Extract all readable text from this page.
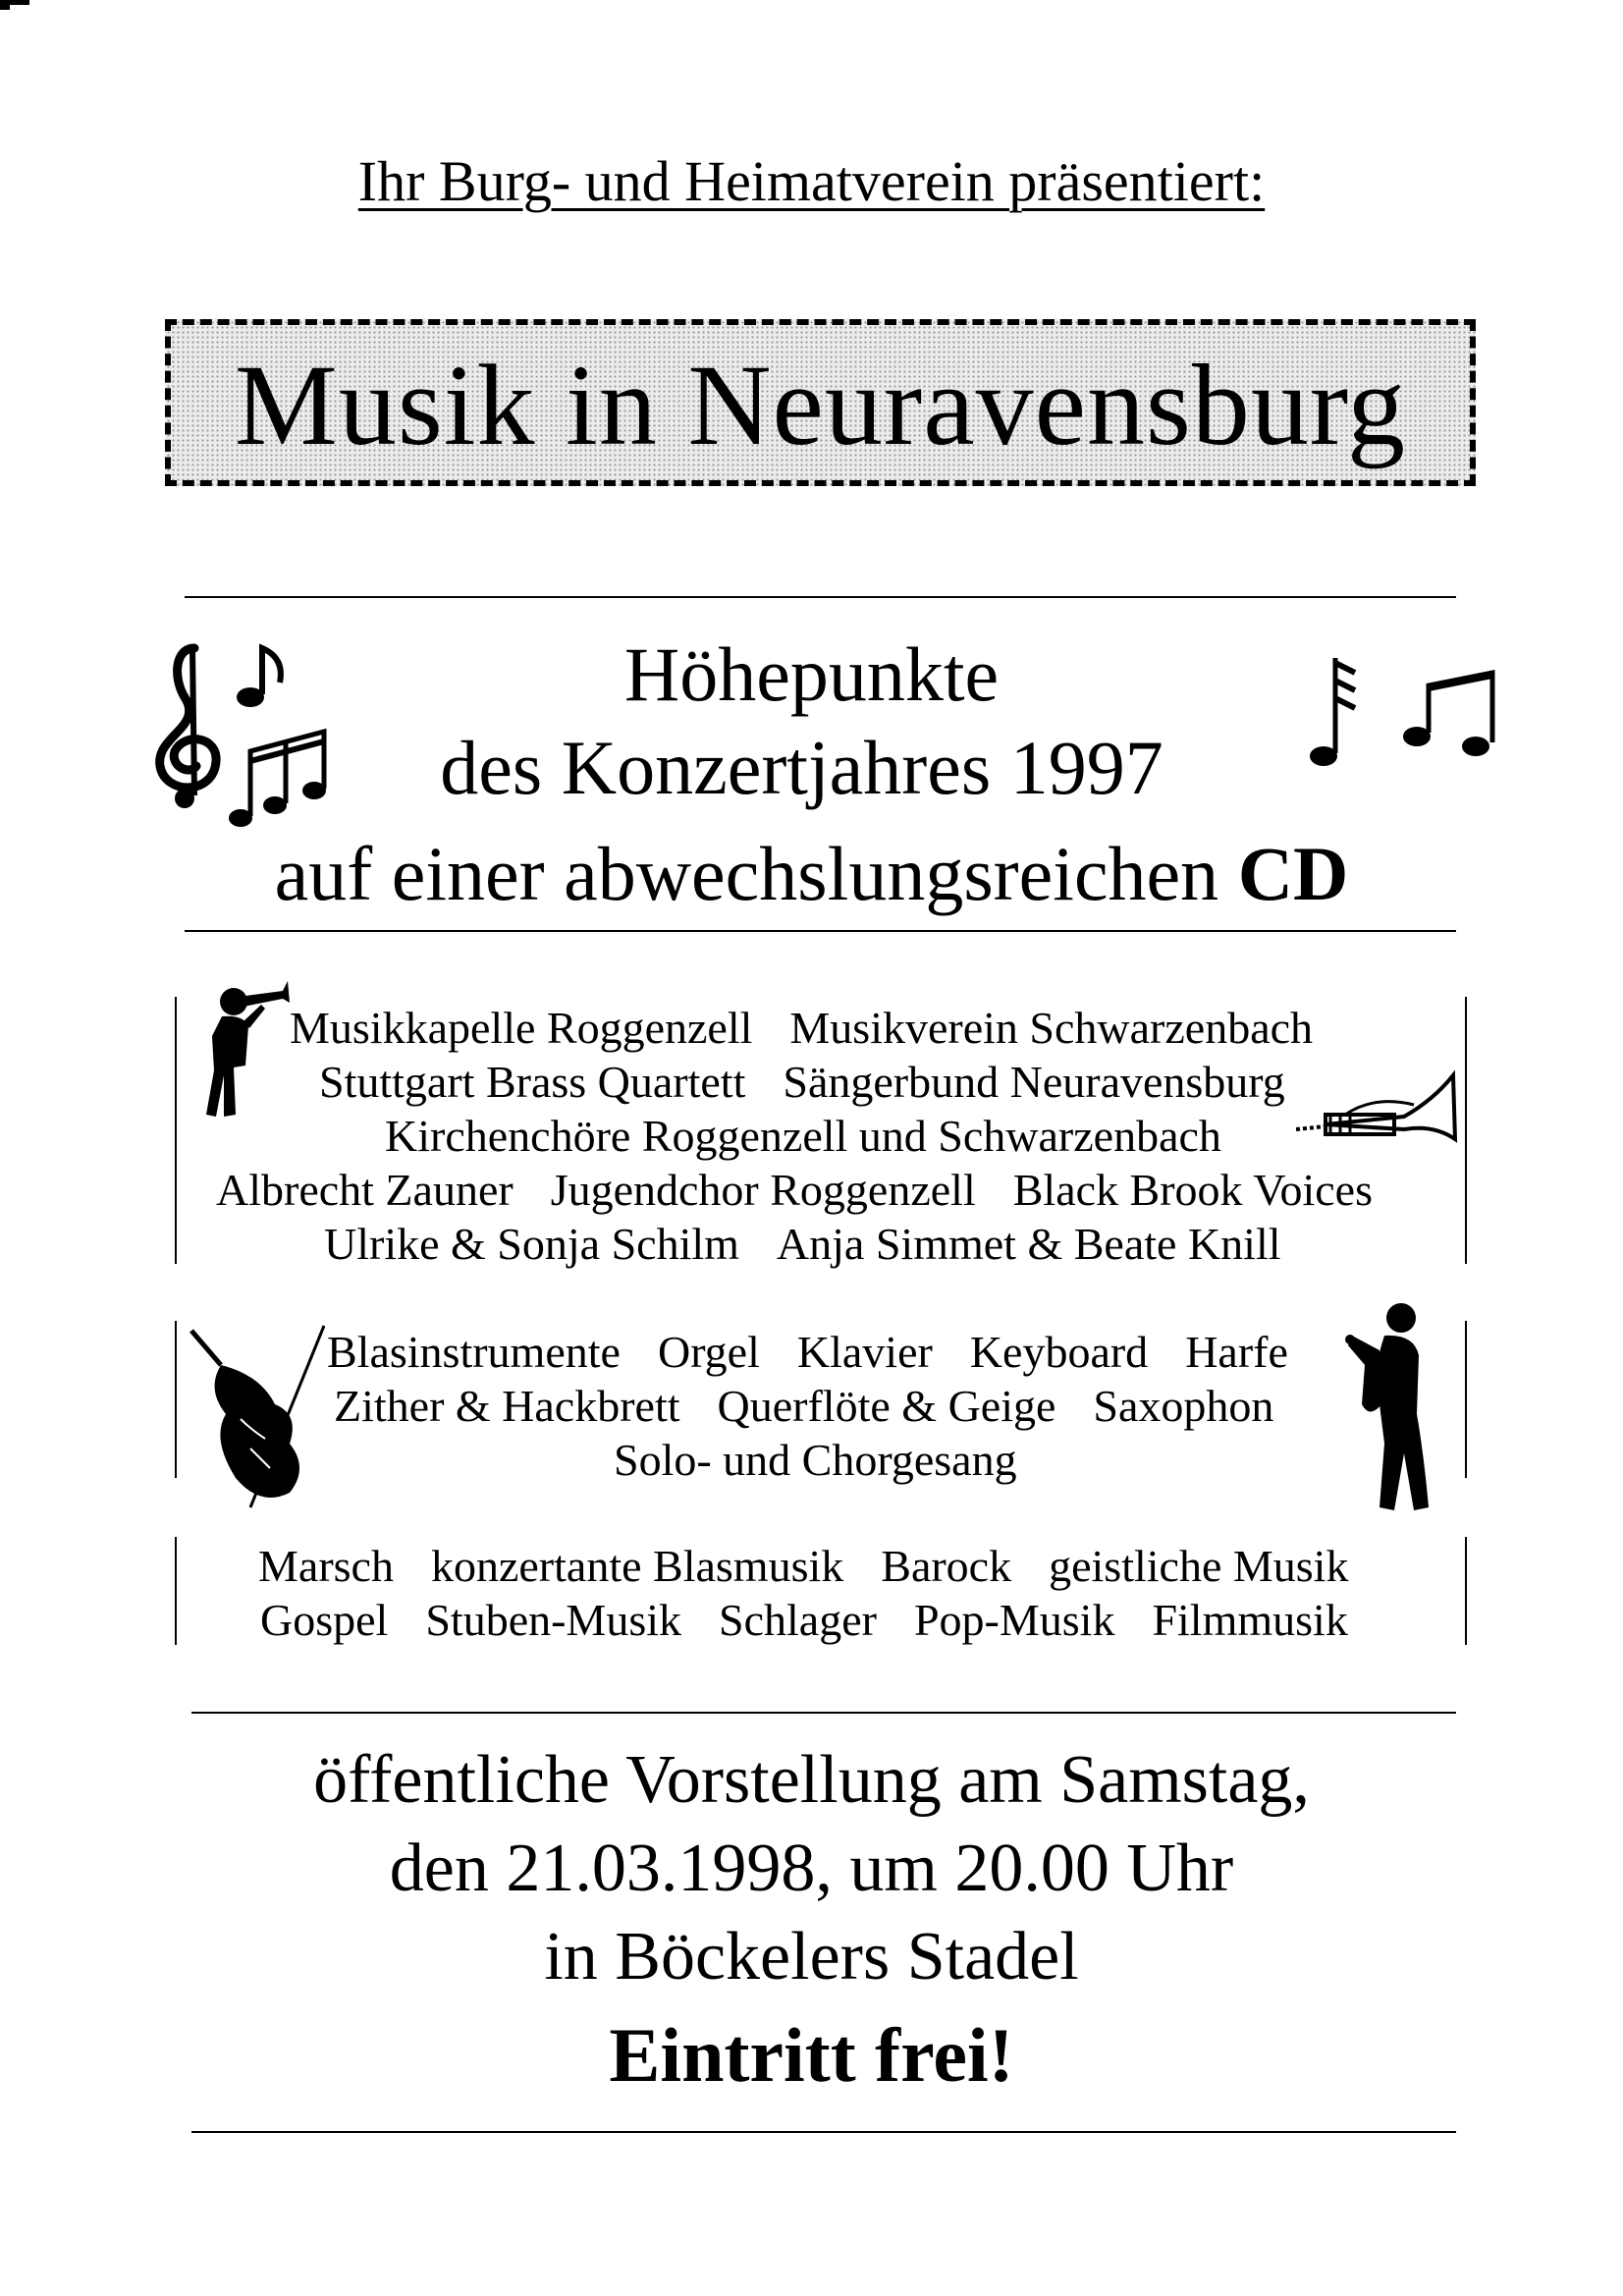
Ihr Burg- und Heimatverein präsentiert:
Musik in Neuravensburg
Höhepunkte
des Konzertjahres 1997
auf einer abwechslungsreichen CD
Musikkapelle Roggenzell Musikverein Schwarzenbach
Stuttgart Brass Quartett Sängerbund Neuravensburg
Kirchenchöre Roggenzell und Schwarzenbach
Albrecht Zauner Jugendchor Roggenzell Black Brook Voices
Ulrike & Sonja Schilm Anja Simmet & Beate Knill
Blasinstrumente Orgel Klavier Keyboard Harfe
Zither & Hackbrett Querflöte & Geige Saxophon
Solo- und Chorgesang
Marsch konzertante Blasmusik Barock geistliche Musik
Gospel Stuben-Musik Schlager Pop-Musik Filmmusik
öffentliche Vorstellung am Samstag,
den 21.03.1998, um 20.00 Uhr
in Böckelers Stadel
Eintritt frei!
